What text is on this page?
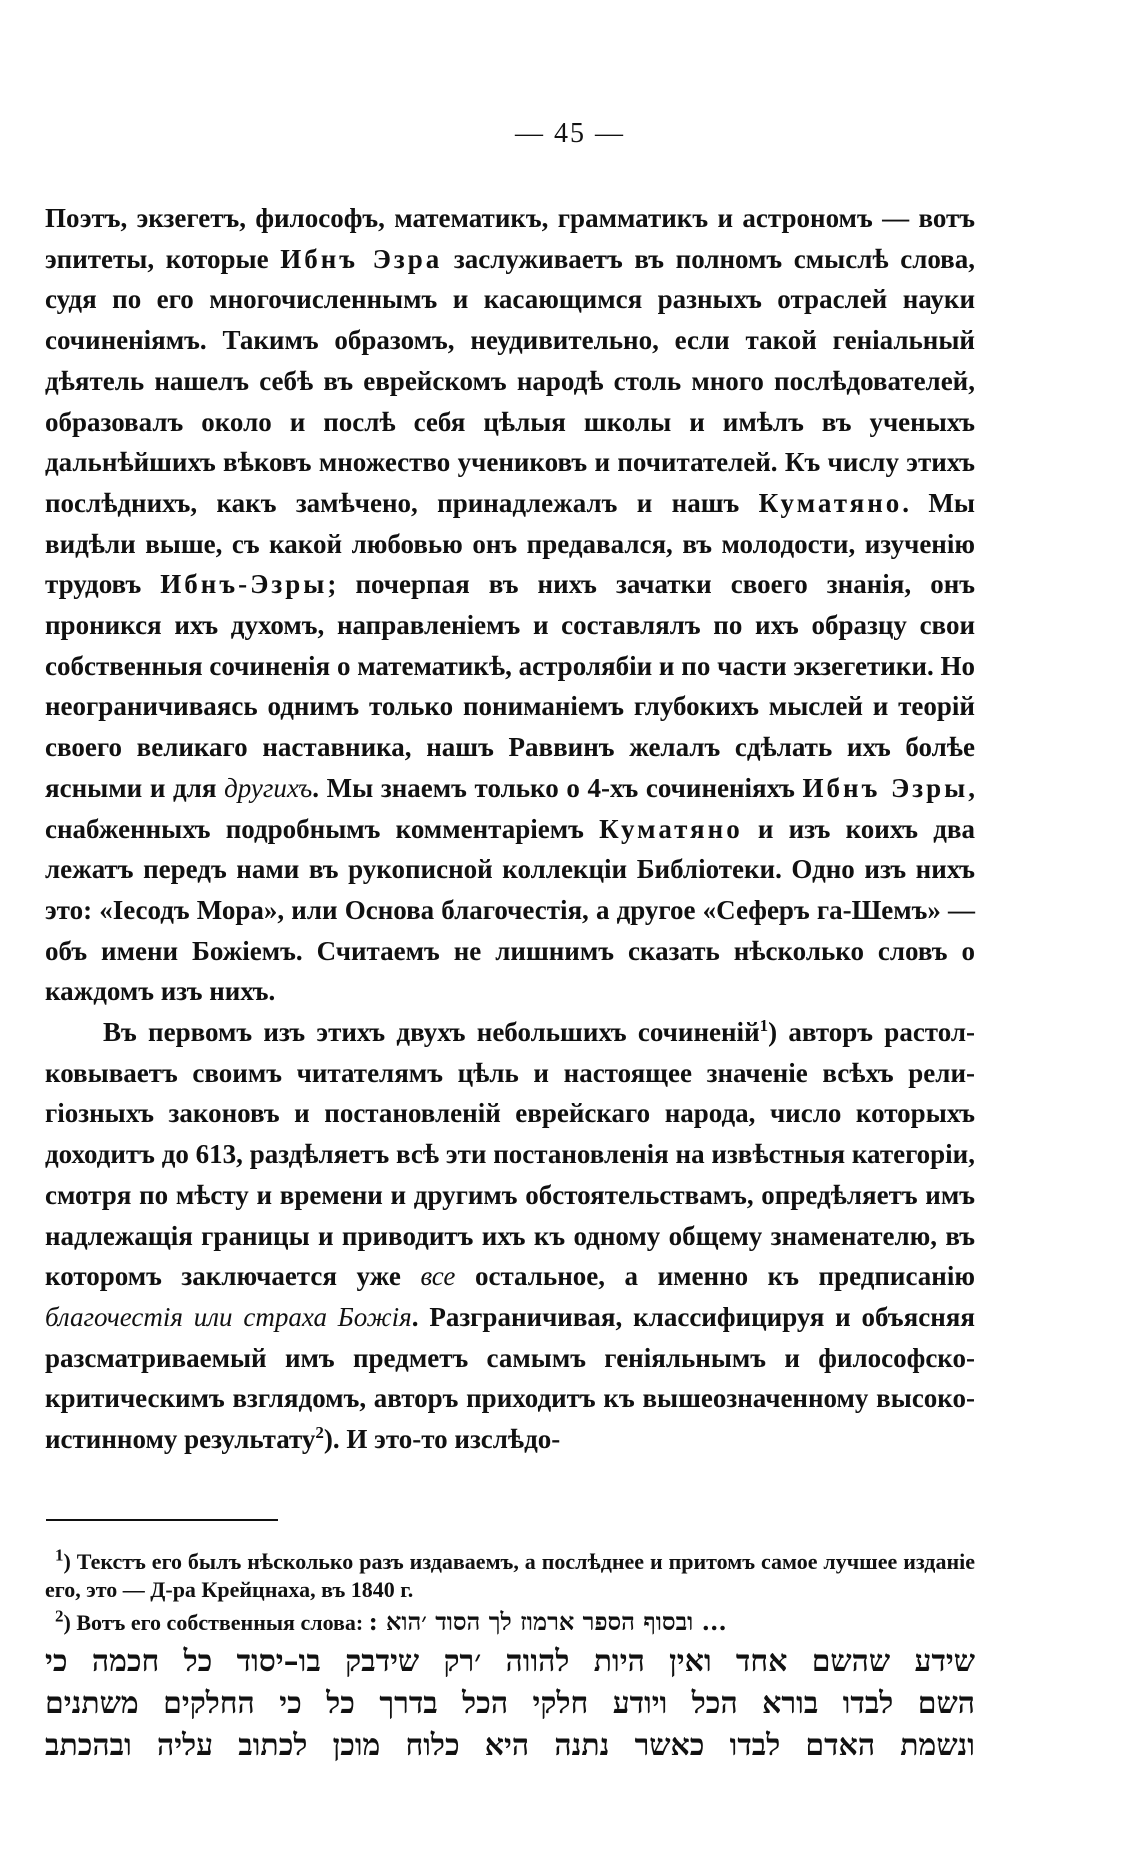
— 45 —

Поэтъ, экзегетъ, философъ, математикъ, грамматикъ и астрономъ — вотъ эпитеты, которые Ибнъ Эзра заслуживаетъ въ полномъ смыслѣ слова, судя по его многочисленнымъ и касающимся разныхъ отраслей науки сочиненіямъ. Такимъ образомъ, неудивительно, если такой геніальный дѣятель нашелъ себѣ въ еврейскомъ народѣ столь много послѣдователей, образовалъ около и послѣ себя цѣлыя школы и имѣлъ въ ученыхъ дальнѣйшихъ вѣковъ множество учениковъ и почитателей. Къ числу этихъ послѣднихъ, какъ замѣчено, принадлежалъ и нашъ Куматяно. Мы видѣли выше, съ какой любовью онъ предавался, въ молодости, изученію трудовъ Ибнъ-Эзры; почерпая въ нихъ зачатки своего знанія, онъ проникся ихъ духомъ, направленіемъ и составлялъ по ихъ образцу свои собственныя сочиненія о математикѣ, астролябіи и по части экзегетики. Но неограничиваясь однимъ только пониманіемъ глубокихъ мыслей и теорій своего великаго наставника, нашъ Раввинъ желалъ сдѣлать ихъ болѣе ясными и для другихъ. Мы знаемъ только о 4-хъ сочиненіяхъ Ибнъ Эзры, снабженныхъ подробнымъ комментаріемъ Куматяно и изъ коихъ два лежатъ передъ нами въ рукописной коллекціи Библіотеки. Одно изъ нихъ это: «Іесодъ Мора», или Основа благочестія, а другое «Сеферъ га-Шемъ» — объ имени Божіемъ. Считаемъ не лишнимъ сказать нѣсколько словъ о каждомъ изъ нихъ.

Въ первомъ изъ этихъ двухъ небольшихъ сочиненій$^1$) авторъ растолковываетъ своимъ читателямъ цѣль и настоящее значеніе всѣхъ религіозныхъ законовъ и постановленій еврейскаго народа, число которыхъ доходитъ до 613, раздѣляетъ всѣ эти постановленія на извѣстныя категоріи, смотря по мѣсту и времени и другимъ обстоятельствамъ, опредѣляетъ имъ надлежащія границы и приводитъ ихъ къ одному общему знаменателю, въ которомъ заключается уже все остальное, а именно къ предписанію благочестія или страха Божія. Разграничивая, классифицируя и объясняя разсматриваемый имъ предметъ самымъ геніяльнымъ и философско-критическимъ взглядомъ, авторъ приходитъ къ вышеозначенному высоко-истинному результату$^2$). И это-то изслѣдо-

$^1$) Текстъ его былъ нѣсколько разъ издаваемъ, а послѣднее и притомъ самое лучшее изданіе его, это — Д-ра Крейцнаха, въ 1840 г.

$^2$) Вотъ его собственныя слова: ... ובסוף הספר ארמוז לך הסוד ׳הוא :

שידע שהשם אחד ואין היות להווה ׳רק שידבק בו–יסוד כל חכמה כי
השם לבדו בורא הכל ויודע חלקי הכל בדרך כל כי החלקים משתנים
ונשמת האדם לבדו כאשר נתנה היא כלוח מוכן לכתוב עליה ובהכתב
